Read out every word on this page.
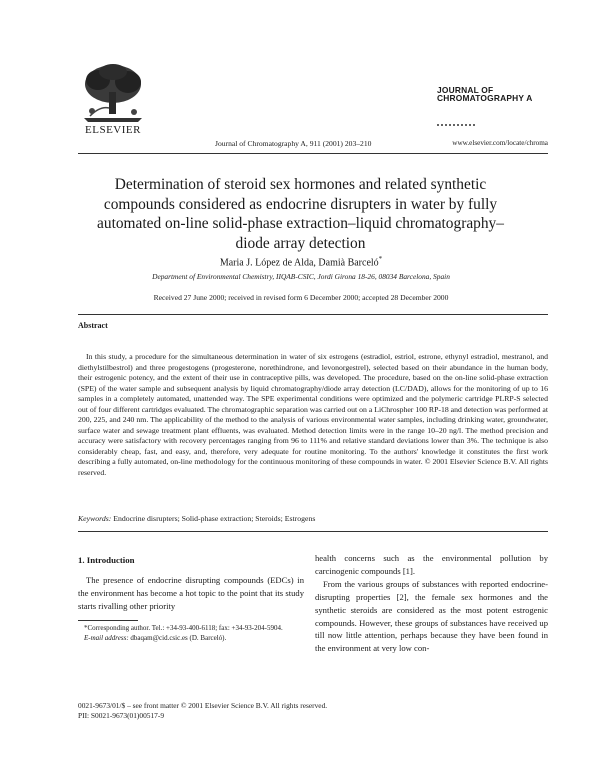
ELSEVIER
Journal of Chromatography A, 911 (2001) 203–210
JOURNAL OF
CHROMATOGRAPHY A
www.elsevier.com/locate/chroma
Determination of steroid sex hormones and related synthetic compounds considered as endocrine disrupters in water by fully automated on-line solid-phase extraction–liquid chromatography–diode array detection
Maria J. López de Alda, Damià Barceló*
Department of Environmental Chemistry, IIQAB-CSIC, Jordi Girona 18-26, 08034 Barcelona, Spain
Received 27 June 2000; received in revised form 6 December 2000; accepted 28 December 2000
Abstract
In this study, a procedure for the simultaneous determination in water of six estrogens (estradiol, estriol, estrone, ethynyl estradiol, mestranol, and diethylstilbestrol) and three progestogens (progesterone, norethindrone, and levonorgestrel), selected based on their abundance in the human body, their estrogenic potency, and the extent of their use in contraceptive pills, was developed. The procedure, based on the on-line solid-phase extraction (SPE) of the water sample and subsequent analysis by liquid chromatography/diode array detection (LC/DAD), allows for the monitoring of up to 16 samples in a completely automated, unattended way. The SPE experimental conditions were optimized and the polymeric cartridge PLRP-S selected out of four different cartridges evaluated. The chromatographic separation was carried out on a LiChrospher 100 RP-18 and detection was performed at 200, 225, and 240 nm. The applicability of the method to the analysis of various environmental water samples, including drinking water, groundwater, surface water and sewage treatment plant effluents, was evaluated. Method detection limits were in the range 10–20 ng/l. The method precision and accuracy were satisfactory with recovery percentages ranging from 96 to 111% and relative standard deviations lower than 3%. The technique is also considerably cheap, fast, and easy, and, therefore, very adequate for routine monitoring. To the authors' knowledge it constitutes the first work describing a fully automated, on-line methodology for the continuous monitoring of these compounds in water. © 2001 Elsevier Science B.V. All rights reserved.
Keywords: Endocrine disrupters; Solid-phase extraction; Steroids; Estrogens
1. Introduction
The presence of endocrine disrupting compounds (EDCs) in the environment has become a hot topic to the point that its study starts rivalling other priority

health concerns such as the environmental pollution by carcinogenic compounds [1].

From the various groups of substances with reported endocrine-disrupting properties [2], the female sex hormones and the synthetic steroids are considered as the most potent estrogenic compounds. However, these groups of substances have received up till now little attention, perhaps because they have been found in the environment at very low con-

*Corresponding author. Tel.: +34-93-400-6118; fax: +34-93-204-5904.
E-mail address: dbaqam@cid.csic.es (D. Barceló).
0021-9673/01/$ – see front matter © 2001 Elsevier Science B.V. All rights reserved.
PII: S0021-9673(01)00517-9
